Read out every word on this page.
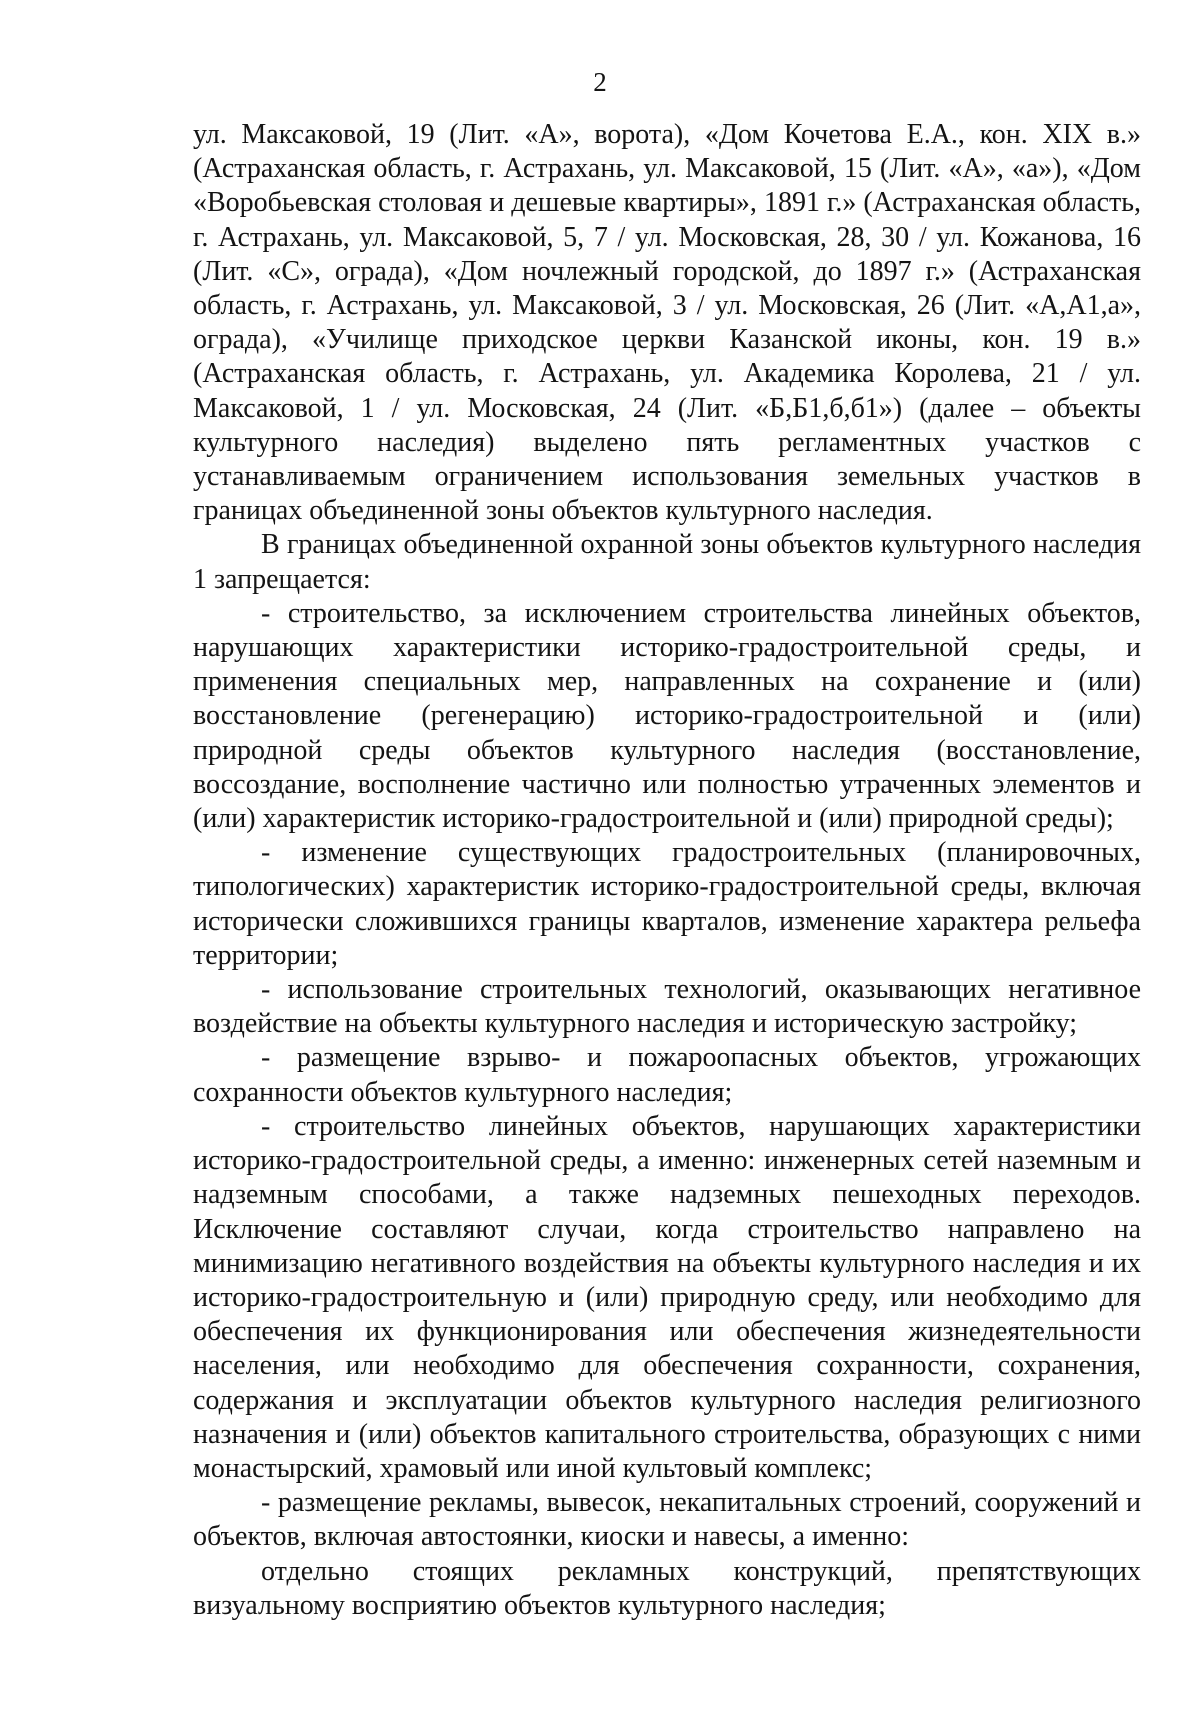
2

ул. Максаковой, 19 (Лит. «А», ворота), «Дом Кочетова Е.А., кон. XIX в.» (Астраханская область, г. Астрахань, ул. Максаковой, 15 (Лит. «А», «а»), «Дом «Воробьевская столовая и дешевые квартиры», 1891 г.» (Астраханская область, г. Астрахань, ул. Максаковой, 5, 7 / ул. Московская, 28, 30 / ул. Кожанова, 16 (Лит. «С», ограда), «Дом ночлежный городской, до 1897 г.» (Астраханская область, г. Астрахань, ул. Максаковой, 3 / ул. Московская, 26 (Лит. «А,А1,а», ограда), «Училище приходское церкви Казанской иконы, кон. 19 в.» (Астраханская область, г. Астрахань, ул. Академика Королева, 21 / ул. Максаковой, 1 / ул. Московская, 24 (Лит. «Б,Б1,б,б1») (далее – объекты культурного наследия) выделено пять регламентных участков с устанавливаемым ограничением использования земельных участков в границах объединенной зоны объектов культурного наследия.

В границах объединенной охранной зоны объектов культурного наследия 1 запрещается:

- строительство, за исключением строительства линейных объектов, нарушающих характеристики историко-градостроительной среды, и применения специальных мер, направленных на сохранение и (или) восстановление (регенерацию) историко-градостроительной и (или) природной среды объектов культурного наследия (восстановление, воссоздание, восполнение частично или полностью утраченных элементов и (или) характеристик историко-градостроительной и (или) природной среды);

- изменение существующих градостроительных (планировочных, типологических) характеристик историко-градостроительной среды, включая исторически сложившихся границы кварталов, изменение характера рельефа территории;

- использование строительных технологий, оказывающих негативное воздействие на объекты культурного наследия и историческую застройку;

- размещение взрыво- и пожароопасных объектов, угрожающих сохранности объектов культурного наследия;

- строительство линейных объектов, нарушающих характеристики историко-градостроительной среды, а именно: инженерных сетей наземным и надземным способами, а также надземных пешеходных переходов. Исключение составляют случаи, когда строительство направлено на минимизацию негативного воздействия на объекты культурного наследия и их историко-градостроительную и (или) природную среду, или необходимо для обеспечения их функционирования или обеспечения жизнедеятельности населения, или необходимо для обеспечения сохранности, сохранения, содержания и эксплуатации объектов культурного наследия религиозного назначения и (или) объектов капитального строительства, образующих с ними монастырский, храмовый или иной культовый комплекс;

- размещение рекламы, вывесок, некапитальных строений, сооружений и объектов, включая автостоянки, киоски и навесы, а именно:

отдельно стоящих рекламных конструкций, препятствующих визуальному восприятию объектов культурного наследия;
